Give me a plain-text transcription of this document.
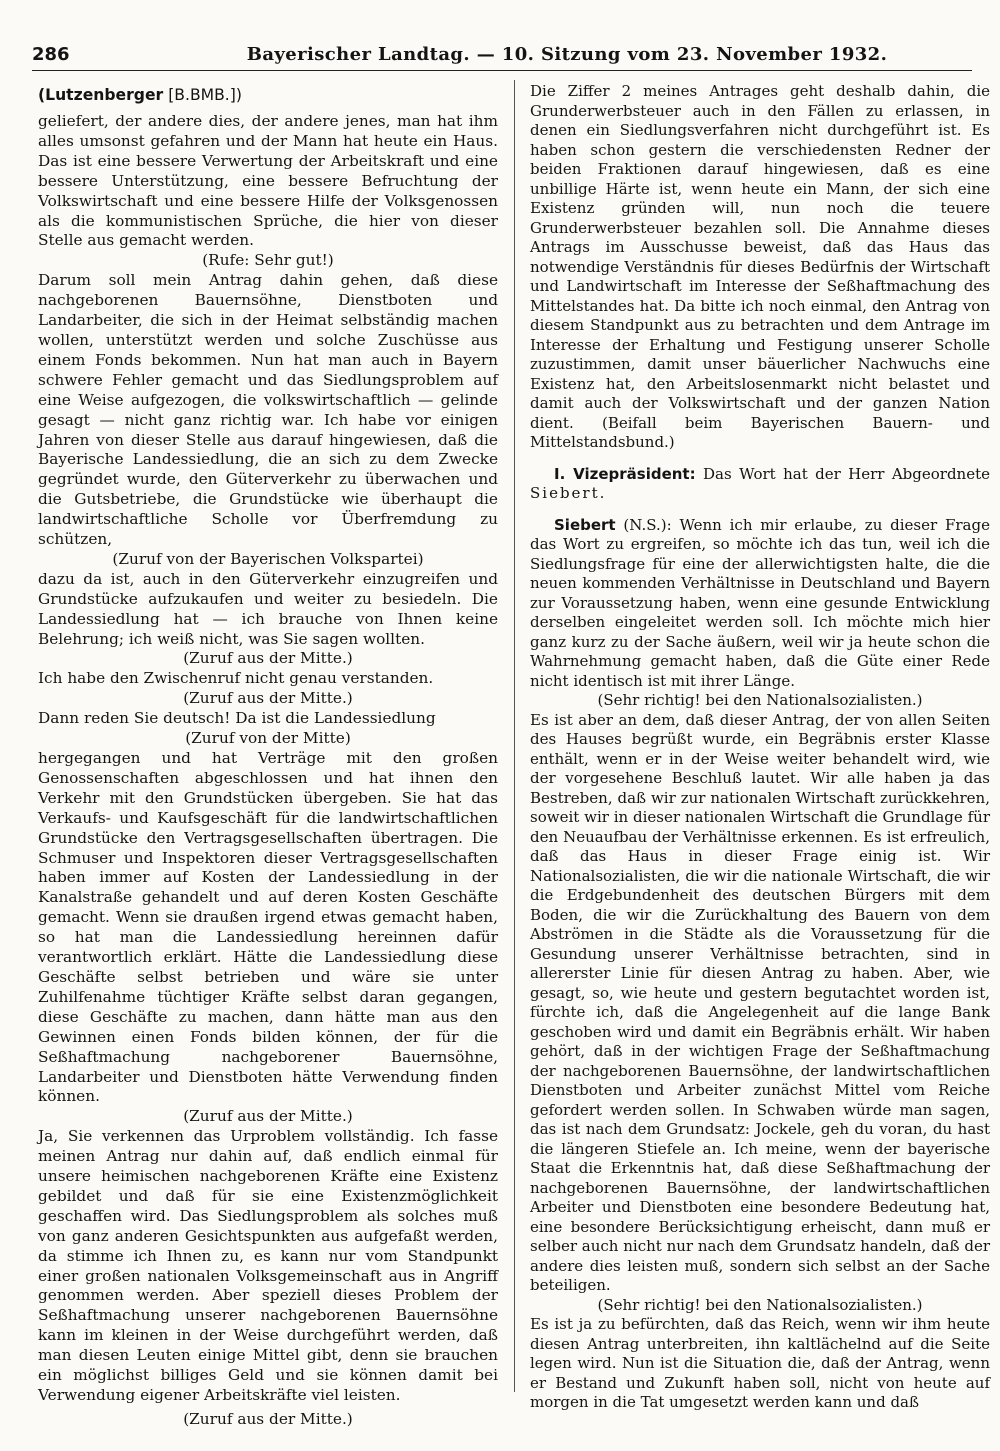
286	Bayerischer Landtag. — 10. Sitzung vom 23. November 1932.

(Lutzenberger [B.BMB.])

geliefert, der andere dies, der andere jenes, man hat ihm alles umsonst gefahren und der Mann hat heute ein Haus. Das ist eine bessere Verwertung der Arbeitskraft und eine bessere Unterstützung, eine bessere Befruchtung der Volkswirtschaft und eine bessere Hilfe der Volksgenossen als die kommunistischen Sprüche, die hier von dieser Stelle aus gemacht werden.

(Rufe: Sehr gut!)

Darum soll mein Antrag dahin gehen, daß diese nachgeborenen Bauernsöhne, Dienstboten und Landarbeiter, die sich in der Heimat selbständig machen wollen, unterstützt werden und solche Zuschüsse aus einem Fonds bekommen. Nun hat man auch in Bayern schwere Fehler gemacht und das Siedlungsproblem auf eine Weise aufgezogen, die volkswirtschaftlich — gelinde gesagt — nicht ganz richtig war. Ich habe vor einigen Jahren von dieser Stelle aus darauf hingewiesen, daß die Bayerische Landessiedlung, die an sich zu dem Zwecke gegründet wurde, den Güterverkehr zu überwachen und die Gutsbetriebe, die Grundstücke wie überhaupt die landwirtschaftliche Scholle vor Überfremdung zu schützen,

(Zuruf von der Bayerischen Volkspartei)

dazu da ist, auch in den Güterverkehr einzugreifen und Grundstücke aufzukaufen und weiter zu besiedeln. Die Landessiedlung hat — ich brauche von Ihnen keine Belehrung; ich weiß nicht, was Sie sagen wollten.

(Zuruf aus der Mitte.)

Ich habe den Zwischenruf nicht genau verstanden.

(Zuruf aus der Mitte.)

Dann reden Sie deutsch! Da ist die Landessiedlung

(Zuruf von der Mitte)

hergegangen und hat Verträge mit den großen Genossenschaften abgeschlossen und hat ihnen den Verkehr mit den Grundstücken übergeben. Sie hat das Verkaufs- und Kaufsgeschäft für die landwirtschaftlichen Grundstücke den Vertragsgesellschaften übertragen. Die Schmuser und Inspektoren dieser Vertragsgesellschaften haben immer auf Kosten der Landessiedlung in der Kanalstraße gehandelt und auf deren Kosten Geschäfte gemacht. Wenn sie draußen irgend etwas gemacht haben, so hat man die Landessiedlung hereinnen dafür verantwortlich erklärt. Hätte die Landessiedlung diese Geschäfte selbst betrieben und wäre sie unter Zuhilfenahme tüchtiger Kräfte selbst daran gegangen, diese Geschäfte zu machen, dann hätte man aus den Gewinnen einen Fonds bilden können, der für die Seßhaftmachung nachgeborener Bauernsöhne, Landarbeiter und Dienstboten hätte Verwendung finden können.

(Zuruf aus der Mitte.)

Ja, Sie verkennen das Urproblem vollständig. Ich fasse meinen Antrag nur dahin auf, daß endlich einmal für unsere heimischen nachgeborenen Kräfte eine Existenz gebildet und daß für sie eine Existenzmöglichkeit geschaffen wird. Das Siedlungsproblem als solches muß von ganz anderen Gesichtspunkten aus aufgefaßt werden, da stimme ich Ihnen zu, es kann nur vom Standpunkt einer großen nationalen Volksgemeinschaft aus in Angriff genommen werden. Aber speziell dieses Problem der Seßhaftmachung unserer nachgeborenen Bauernsöhne kann im kleinen in der Weise durchgeführt werden, daß man diesen Leuten einige Mittel gibt, denn sie brauchen ein möglichst billiges Geld und sie können damit bei Verwendung eigener Arbeitskräfte viel leisten.

(Zuruf aus der Mitte.)

Die Ziffer 2 meines Antrages geht deshalb dahin, die Grunderwerbsteuer auch in den Fällen zu erlassen, in denen ein Siedlungsverfahren nicht durchgeführt ist. Es haben schon gestern die verschiedensten Redner der beiden Fraktionen darauf hingewiesen, daß es eine unbillige Härte ist, wenn heute ein Mann, der sich eine Existenz gründen will, nun noch die teuere Grunderwerbsteuer bezahlen soll. Die Annahme dieses Antrags im Ausschusse beweist, daß das Haus das notwendige Verständnis für dieses Bedürfnis der Wirtschaft und Landwirtschaft im Interesse der Seßhaftmachung des Mittelstandes hat. Da bitte ich noch einmal, den Antrag von diesem Standpunkt aus zu betrachten und dem Antrage im Interesse der Erhaltung und Festigung unserer Scholle zuzustimmen, damit unser bäuerlicher Nachwuchs eine Existenz hat, den Arbeitslosenmarkt nicht belastet und damit auch der Volkswirtschaft und der ganzen Nation dient. (Beifall beim Bayerischen Bauern- und Mittelstandsbund.)

I. Vizepräsident: Das Wort hat der Herr Abgeordnete Siebert.

Siebert (N.S.): Wenn ich mir erlaube, zu dieser Frage das Wort zu ergreifen, so möchte ich das tun, weil ich die Siedlungsfrage für eine der allerwichtigsten halte, die die neuen kommenden Verhältnisse in Deutschland und Bayern zur Voraussetzung haben, wenn eine gesunde Entwicklung derselben eingeleitet werden soll. Ich möchte mich hier ganz kurz zu der Sache äußern, weil wir ja heute schon die Wahrnehmung gemacht haben, daß die Güte einer Rede nicht identisch ist mit ihrer Länge.

(Sehr richtig! bei den Nationalsozialisten.)

Es ist aber an dem, daß dieser Antrag, der von allen Seiten des Hauses begrüßt wurde, ein Begräbnis erster Klasse enthält, wenn er in der Weise weiter behandelt wird, wie der vorgesehene Beschluß lautet. Wir alle haben ja das Bestreben, daß wir zur nationalen Wirtschaft zurückkehren, soweit wir in dieser nationalen Wirtschaft die Grundlage für den Neuaufbau der Verhältnisse erkennen. Es ist erfreulich, daß das Haus in dieser Frage einig ist. Wir Nationalsozialisten, die wir die nationale Wirtschaft, die wir die Erdgebundenheit des deutschen Bürgers mit dem Boden, die wir die Zurückhaltung des Bauern von dem Abströmen in die Städte als die Voraussetzung für die Gesundung unserer Verhältnisse betrachten, sind in allererster Linie für diesen Antrag zu haben. Aber, wie gesagt, so, wie heute und gestern begutachtet worden ist, fürchte ich, daß die Angelegenheit auf die lange Bank geschoben wird und damit ein Begräbnis erhält. Wir haben gehört, daß in der wichtigen Frage der Seßhaftmachung der nachgeborenen Bauernsöhne, der landwirtschaftlichen Dienstboten und Arbeiter zunächst Mittel vom Reiche gefordert werden sollen. In Schwaben würde man sagen, das ist nach dem Grundsatz: Jockele, geh du voran, du hast die längeren Stiefele an. Ich meine, wenn der bayerische Staat die Erkenntnis hat, daß diese Seßhaftmachung der nachgeborenen Bauernsöhne, der landwirtschaftlichen Arbeiter und Dienstboten eine besondere Bedeutung hat, eine besondere Berücksichtigung erheischt, dann muß er selber auch nicht nur nach dem Grundsatz handeln, daß der andere dies leisten muß, sondern sich selbst an der Sache beteiligen.

(Sehr richtig! bei den Nationalsozialisten.)

Es ist ja zu befürchten, daß das Reich, wenn wir ihm heute diesen Antrag unterbreiten, ihn kaltlächelnd auf die Seite legen wird. Nun ist die Situation die, daß der Antrag, wenn er Bestand und Zukunft haben soll, nicht von heute auf morgen in die Tat umgesetzt werden kann und daß
